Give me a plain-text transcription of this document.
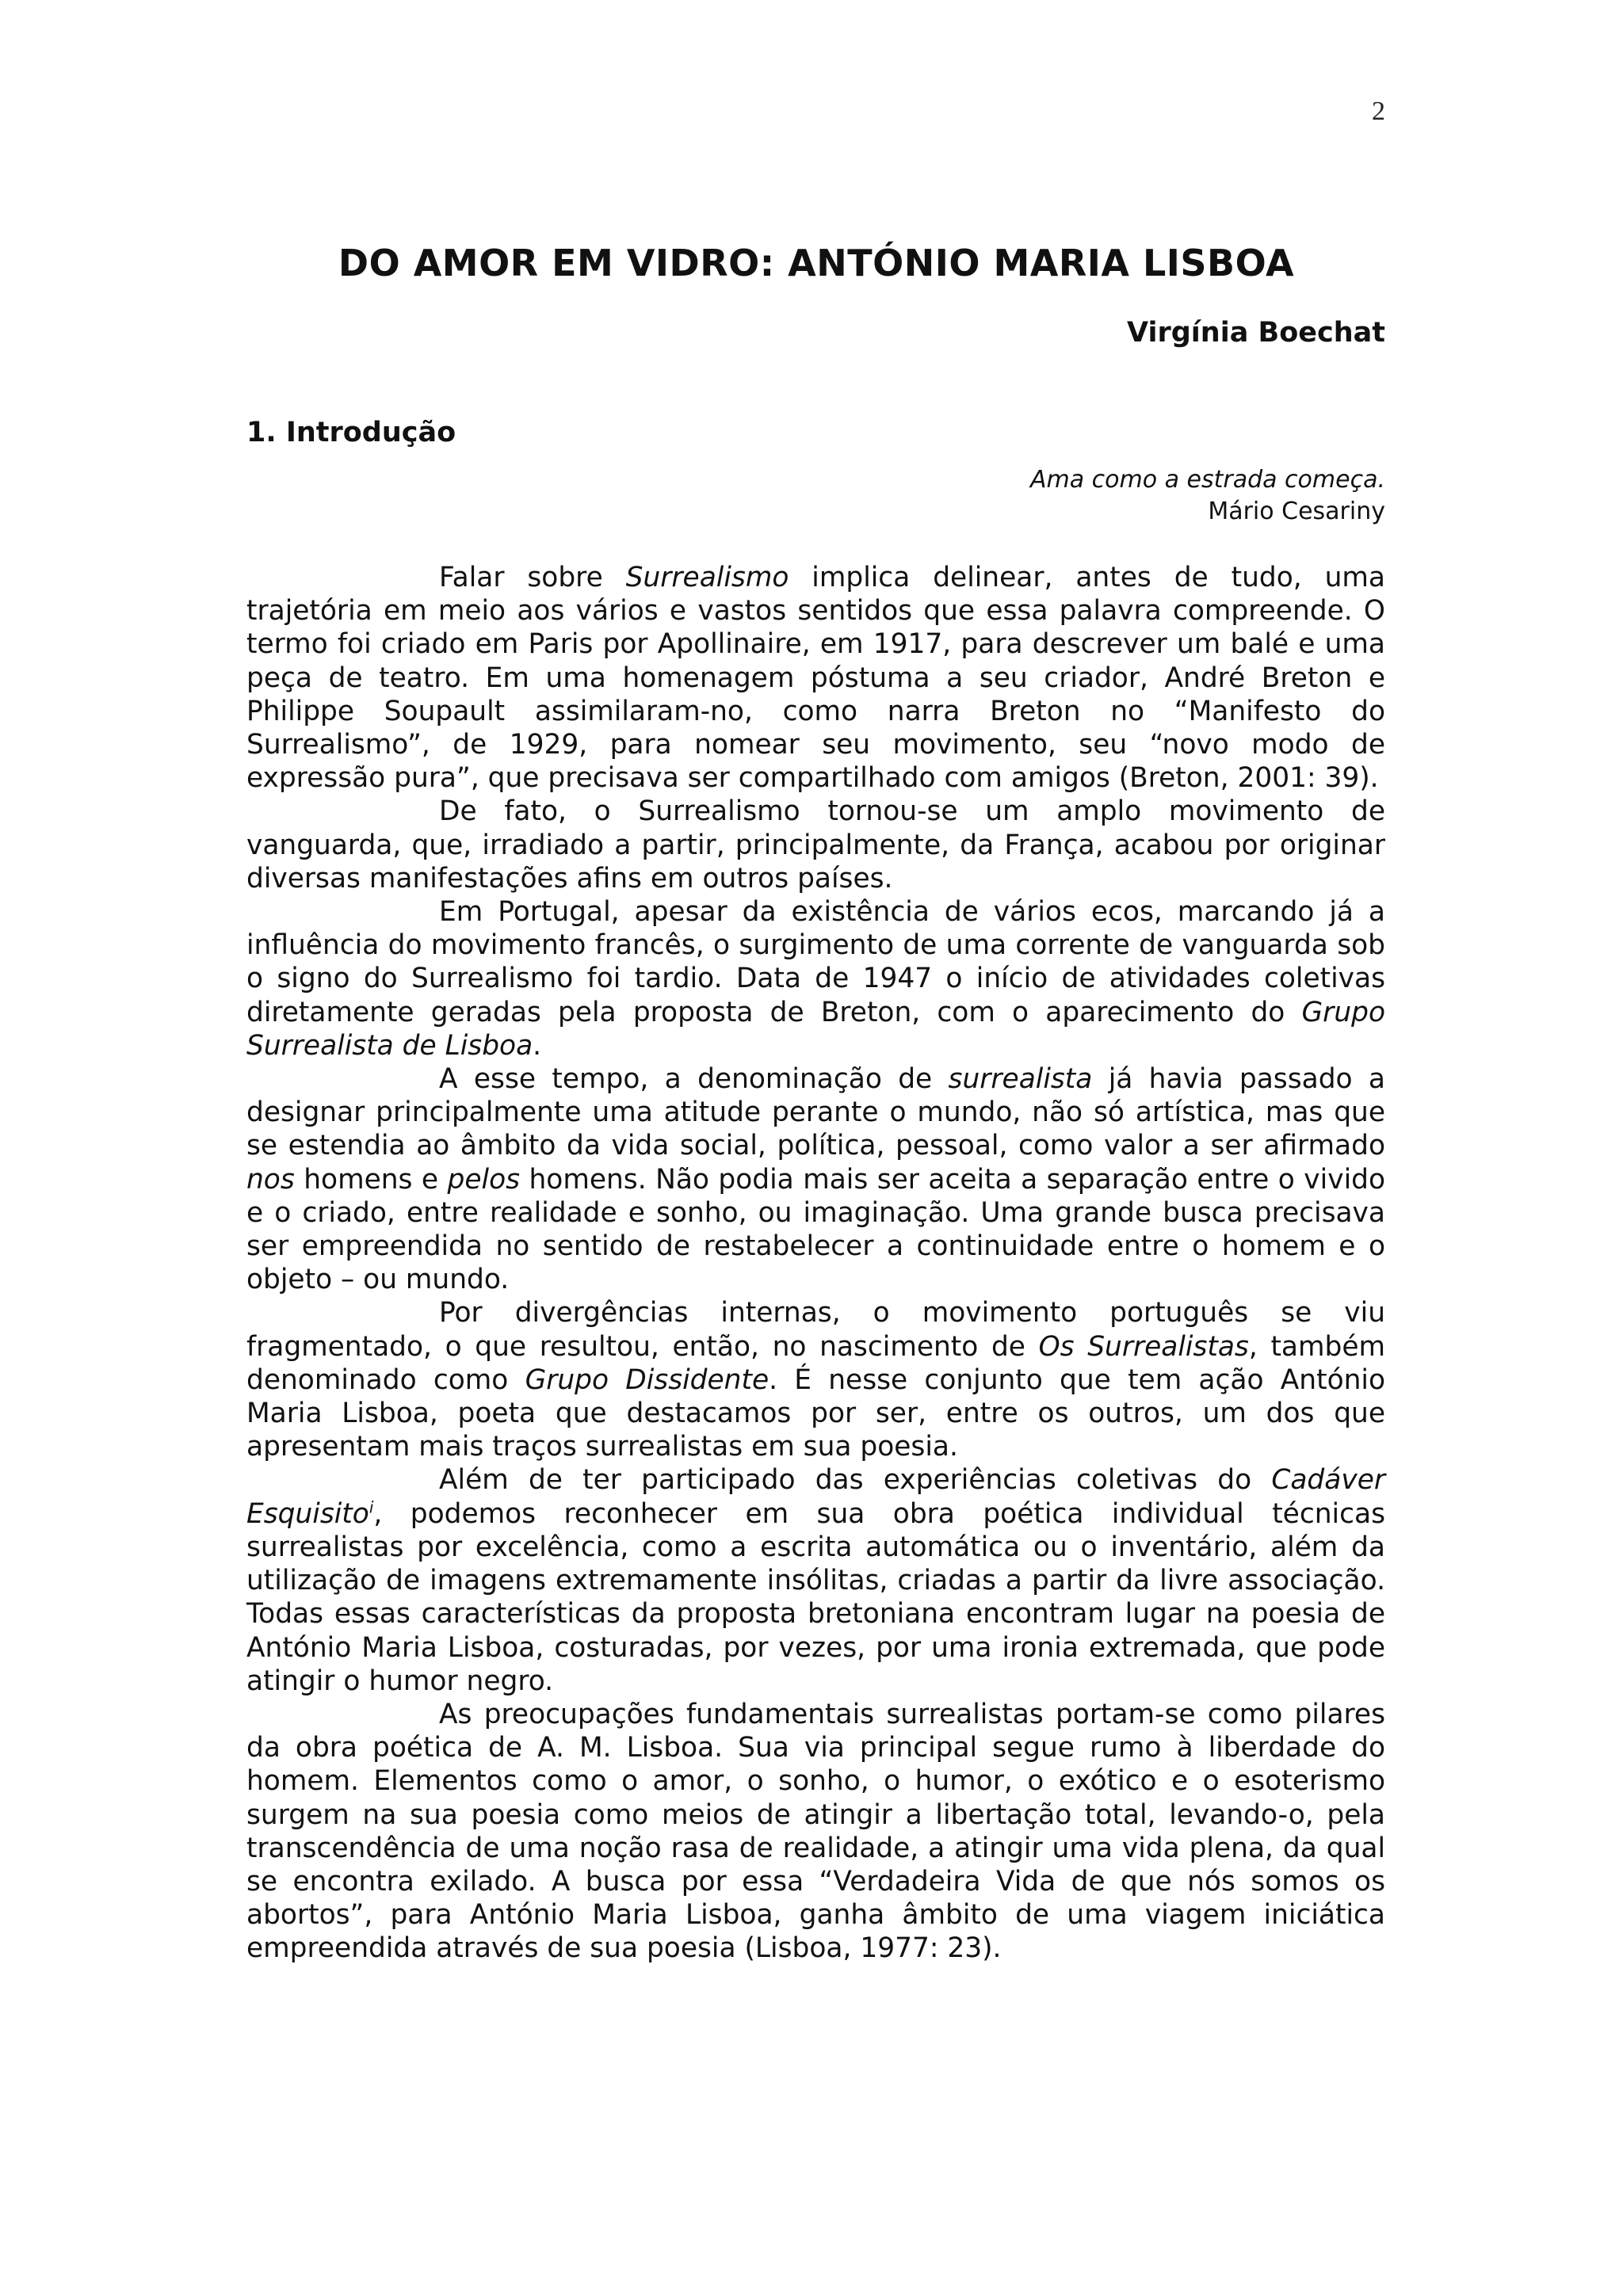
2
DO AMOR EM VIDRO: ANTÓNIO MARIA LISBOA
Virgínia Boechat
1. Introdução
Ama como a estrada começa.
Mário Cesariny

Falar sobre Surrealismo implica delinear, antes de tudo, uma trajetória em meio aos vários e vastos sentidos que essa palavra compreende. O termo foi criado em Paris por Apollinaire, em 1917, para descrever um balé e uma peça de teatro. Em uma homenagem póstuma a seu criador, André Breton e Philippe Soupault assimilaram-no, como narra Breton no “Manifesto do Surrealismo”, de 1929, para nomear seu movimento, seu “novo modo de expressão pura”, que precisava ser compartilhado com amigos (Breton, 2001: 39).

De fato, o Surrealismo tornou-se um amplo movimento de vanguarda, que, irradiado a partir, principalmente, da França, acabou por originar diversas manifestações afins em outros países.

Em Portugal, apesar da existência de vários ecos, marcando já a influência do movimento francês, o surgimento de uma corrente de vanguarda sob o signo do Surrealismo foi tardio. Data de 1947 o início de atividades coletivas diretamente geradas pela proposta de Breton, com o aparecimento do Grupo Surrealista de Lisboa.

A esse tempo, a denominação de surrealista já havia passado a designar principalmente uma atitude perante o mundo, não só artística, mas que se estendia ao âmbito da vida social, política, pessoal, como valor a ser afirmado nos homens e pelos homens. Não podia mais ser aceita a separação entre o vivido e o criado, entre realidade e sonho, ou imaginação. Uma grande busca precisava ser empreendida no sentido de restabelecer a continuidade entre o homem e o objeto – ou mundo.

Por divergências internas, o movimento português se viu fragmentado, o que resultou, então, no nascimento de Os Surrealistas, também denominado como Grupo Dissidente. É nesse conjunto que tem ação António Maria Lisboa, poeta que destacamos por ser, entre os outros, um dos que apresentam mais traços surrealistas em sua poesia.

Além de ter participado das experiências coletivas do Cadáver Esquisito$^i$, podemos reconhecer em sua obra poética individual técnicas surrealistas por excelência, como a escrita automática ou o inventário, além da utilização de imagens extremamente insólitas, criadas a partir da livre associação. Todas essas características da proposta bretoniana encontram lugar na poesia de António Maria Lisboa, costuradas, por vezes, por uma ironia extremada, que pode atingir o humor negro.

As preocupações fundamentais surrealistas portam-se como pilares da obra poética de A. M. Lisboa. Sua via principal segue rumo à liberdade do homem. Elementos como o amor, o sonho, o humor, o exótico e o esoterismo surgem na sua poesia como meios de atingir a libertação total, levando-o, pela transcendência de uma noção rasa de realidade, a atingir uma vida plena, da qual se encontra exilado. A busca por essa “Verdadeira Vida de que nós somos os abortos”, para António Maria Lisboa, ganha âmbito de uma viagem iniciática empreendida através de sua poesia (Lisboa, 1977: 23).
